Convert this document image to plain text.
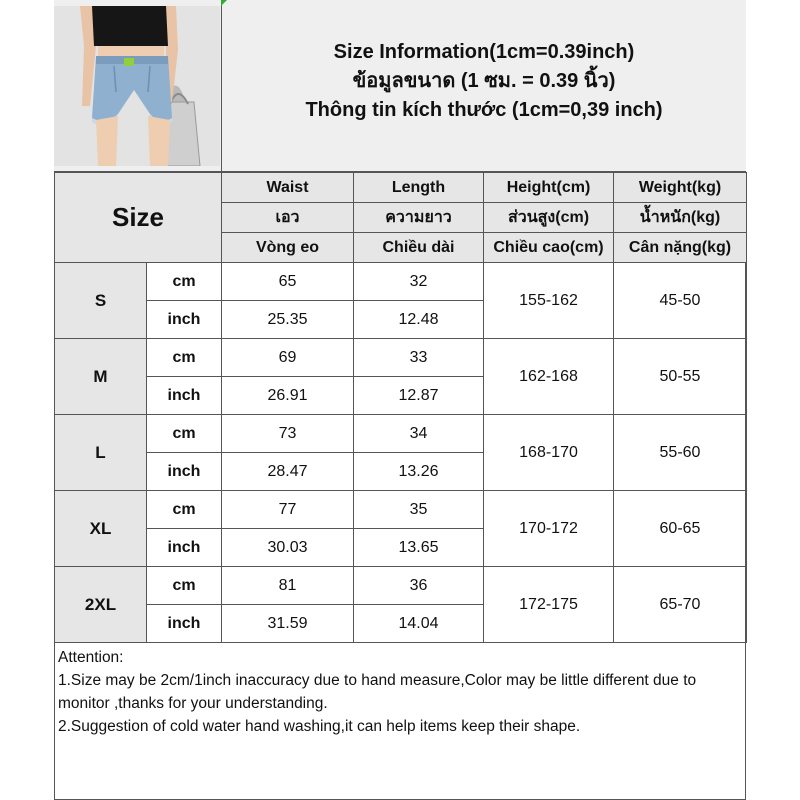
Size Information(1cm=0.39inch)
ข้อมูลขนาด (1 ซม. = 0.39 นิ้ว)
Thông tin kích thước (1cm=0,39 inch)
Size		Waist	Length	Height(cm)	Weight(kg)
		เอว	ความยาว	ส่วนสูง(cm)	น้ำหนัก(kg)
		Vòng eo	Chiều dài	Chiều cao(cm)	Cân nặng(kg)
S	cm	65	32	155-162	45-50
	inch	25.35	12.48		
M	cm	69	33	162-168	50-55
	inch	26.91	12.87		
L	cm	73	34	168-170	55-60
	inch	28.47	13.26		
XL	cm	77	35	170-172	60-65
	inch	30.03	13.65		
2XL	cm	81	36	172-175	65-70
	inch	31.59	14.04		
Attention:
1.Size may be 2cm/1inch inaccuracy due to hand measure,Color may be little different due to monitor ,thanks for your understanding.
2.Suggestion of cold water hand washing,it can help items keep their shape.
